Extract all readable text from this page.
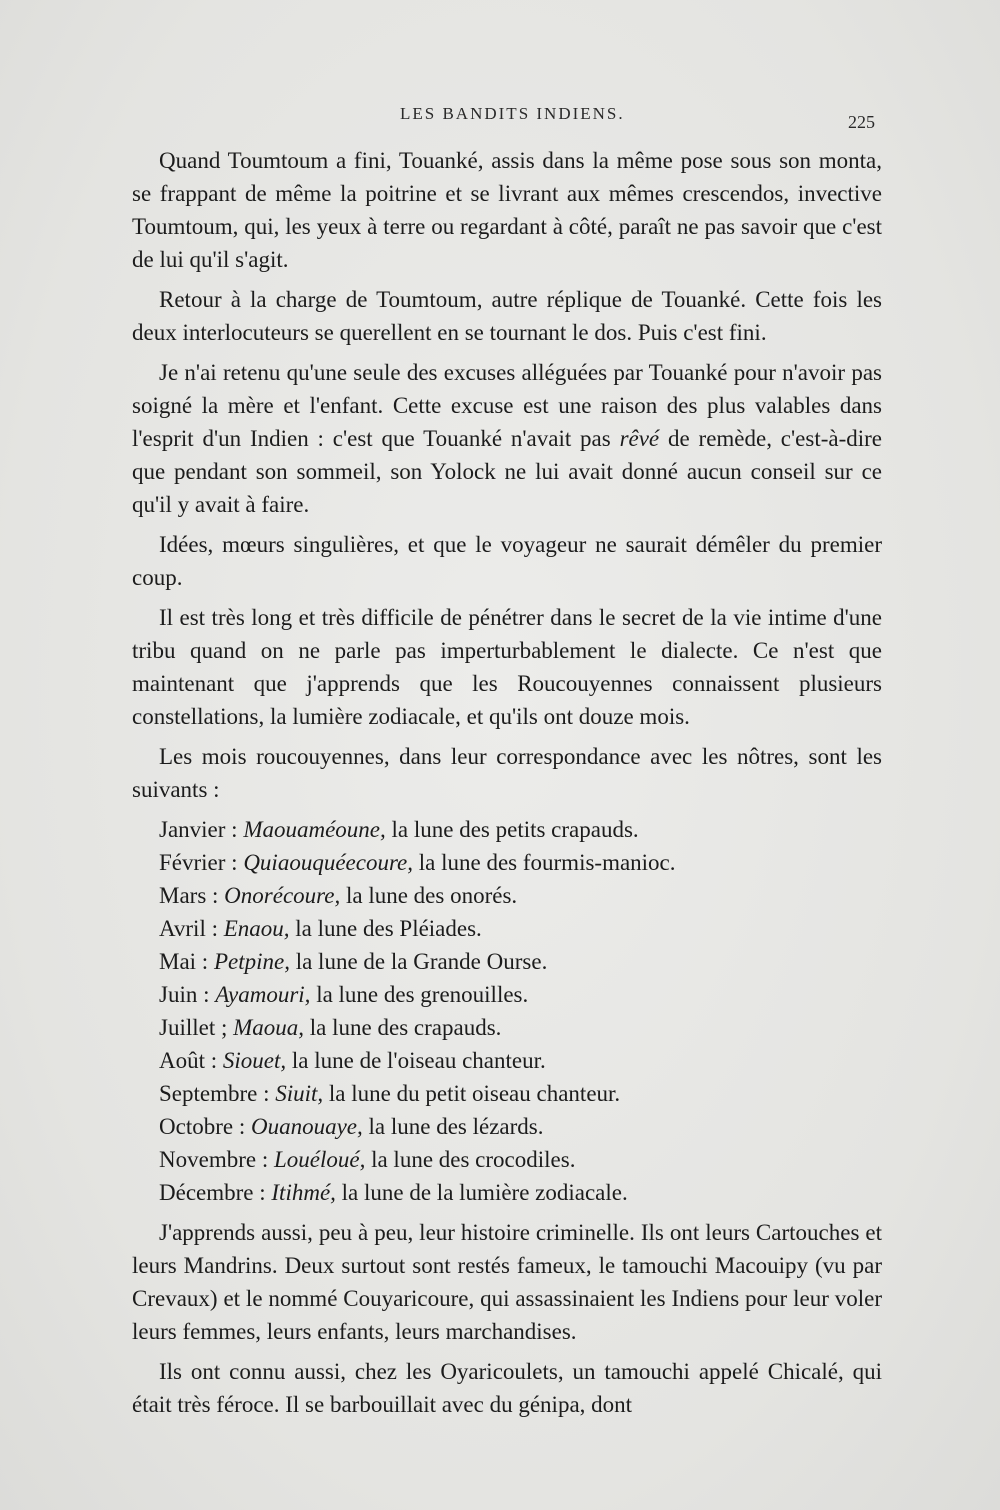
LES BANDITS INDIENS.	225

Quand Toumtoum a fini, Touanké, assis dans la même pose sous son monta, se frappant de même la poitrine et se livrant aux mêmes crescendos, invective Toumtoum, qui, les yeux à terre ou regardant à côté, paraît ne pas savoir que c'est de lui qu'il s'agit.

Retour à la charge de Toumtoum, autre réplique de Touanké. Cette fois les deux interlocuteurs se querellent en se tournant le dos. Puis c'est fini.

Je n'ai retenu qu'une seule des excuses alléguées par Touanké pour n'avoir pas soigné la mère et l'enfant. Cette excuse est une raison des plus valables dans l'esprit d'un Indien : c'est que Touanké n'avait pas rêvé de remède, c'est-à-dire que pendant son sommeil, son Yolock ne lui avait donné aucun conseil sur ce qu'il y avait à faire.

Idées, mœurs singulières, et que le voyageur ne saurait démêler du premier coup.

Il est très long et très difficile de pénétrer dans le secret de la vie intime d'une tribu quand on ne parle pas imperturbablement le dialecte. Ce n'est que maintenant que j'apprends que les Roucouyennes connaissent plusieurs constellations, la lumière zodiacale, et qu'ils ont douze mois.

Les mois roucouyennes, dans leur correspondance avec les nôtres, sont les suivants :

Janvier : Maouaméoune, la lune des petits crapauds.
Février : Quiaouquéecoure, la lune des fourmis-manioc.
Mars : Onorécoure, la lune des onorés.
Avril : Enaou, la lune des Pléiades.
Mai : Petpine, la lune de la Grande Ourse.
Juin : Ayamouri, la lune des grenouilles.
Juillet ; Maoua, la lune des crapauds.
Août : Siouet, la lune de l'oiseau chanteur.
Septembre : Siuit, la lune du petit oiseau chanteur.
Octobre : Ouanouaye, la lune des lézards.
Novembre : Louéloué, la lune des crocodiles.
Décembre : Itihmé, la lune de la lumière zodiacale.

J'apprends aussi, peu à peu, leur histoire criminelle. Ils ont leurs Cartouches et leurs Mandrins. Deux surtout sont restés fameux, le tamouchi Macouipy (vu par Crevaux) et le nommé Couyaricoure, qui assassinaient les Indiens pour leur voler leurs femmes, leurs enfants, leurs marchandises.

Ils ont connu aussi, chez les Oyaricoulets, un tamouchi appelé Chicalé, qui était très féroce. Il se barbouillait avec du génipa, dont
